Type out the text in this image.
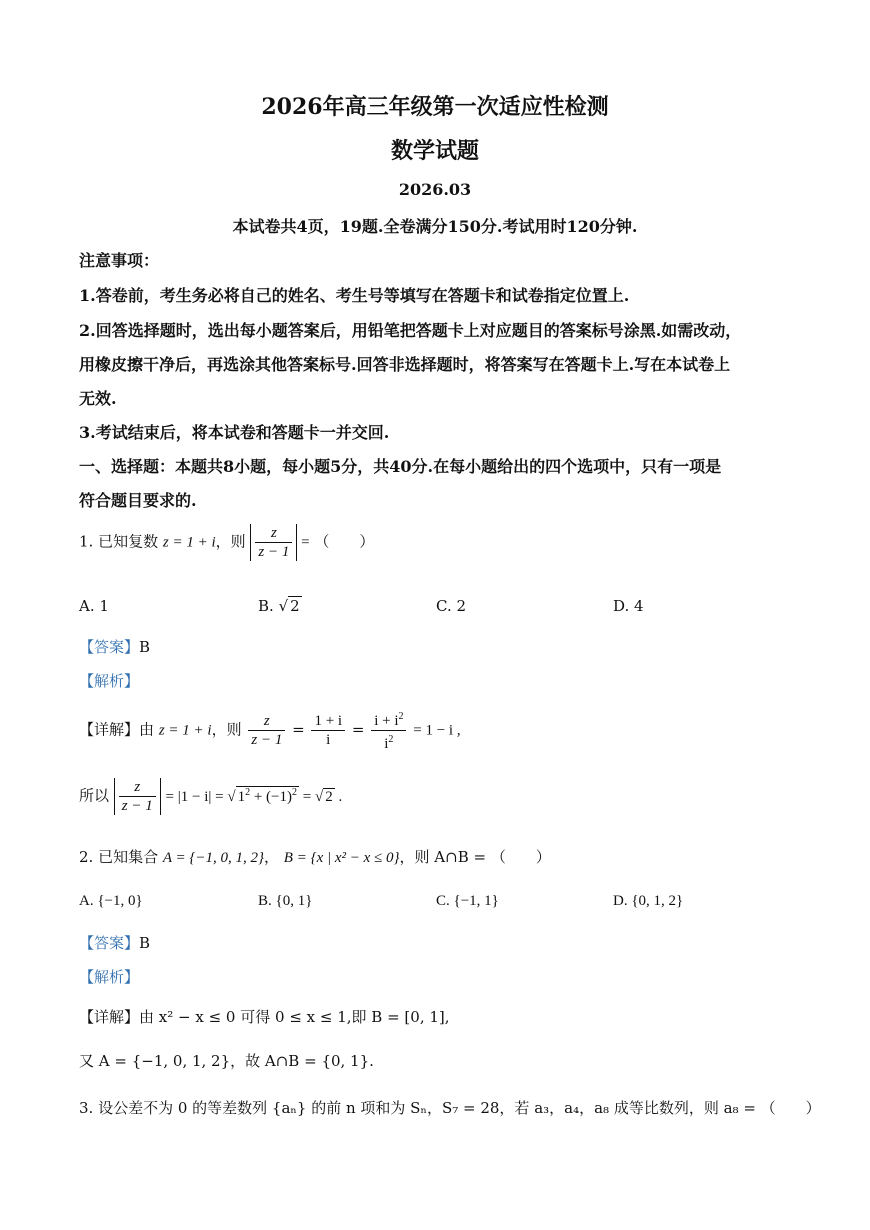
2026年高三年级第一次适应性检测
数学试题
2026.03
本试卷共4页，19题.全卷满分150分.考试用时120分钟.
注意事项：
1.答卷前，考生务必将自己的姓名、考生号等填写在答题卡和试卷指定位置上.
2.回答选择题时，选出每小题答案后，用铅笔把答题卡上对应题目的答案标号涂黑.如需改动，
用橡皮擦干净后，再选涂其他答案标号.回答非选择题时，将答案写在答题卡上.写在本试卷上
无效.
3.考试结束后，将本试卷和答题卡一并交回.
一、选择题：本题共8小题，每小题5分，共40分.在每小题给出的四个选项中，只有一项是
符合题目要求的.
1. 已知复数 z = 1 + i，则 $\frac{z}{z - 1}$ = （　　）
A. 1	B. √ 2	C. 2	D. 4
【答案】B
【解析】
【详解】由 z = 1 + i，则 $\frac{z}{z - 1} = \frac{1 + i}{i} = \frac{i + i^2}{i^2} = 1 - i$ ,
所以 $\frac{z}{z - 1} = |1 - i|$ = √ $1^2 + (-1)^2$ = √ 2 .
2. 已知集合 A = {−1, 0, 1, 2}， B = {x | x² − x ≤ 0}，则 A∩B = （　　）
A. {−1, 0}	B. {0, 1}	C. {−1, 1}	D. {0, 1, 2}
【答案】B
【解析】
【详解】由 x² − x ≤ 0 可得 0 ≤ x ≤ 1,即 B = [0, 1],
又 A = {−1, 0, 1, 2}，故 A∩B = {0, 1}.
3. 设公差不为 0 的等差数列 {aₙ} 的前 n 项和为 Sₙ，S₇ = 28，若 a₃，a₄，a₈ 成等比数列，则 a₈ = （　　）
